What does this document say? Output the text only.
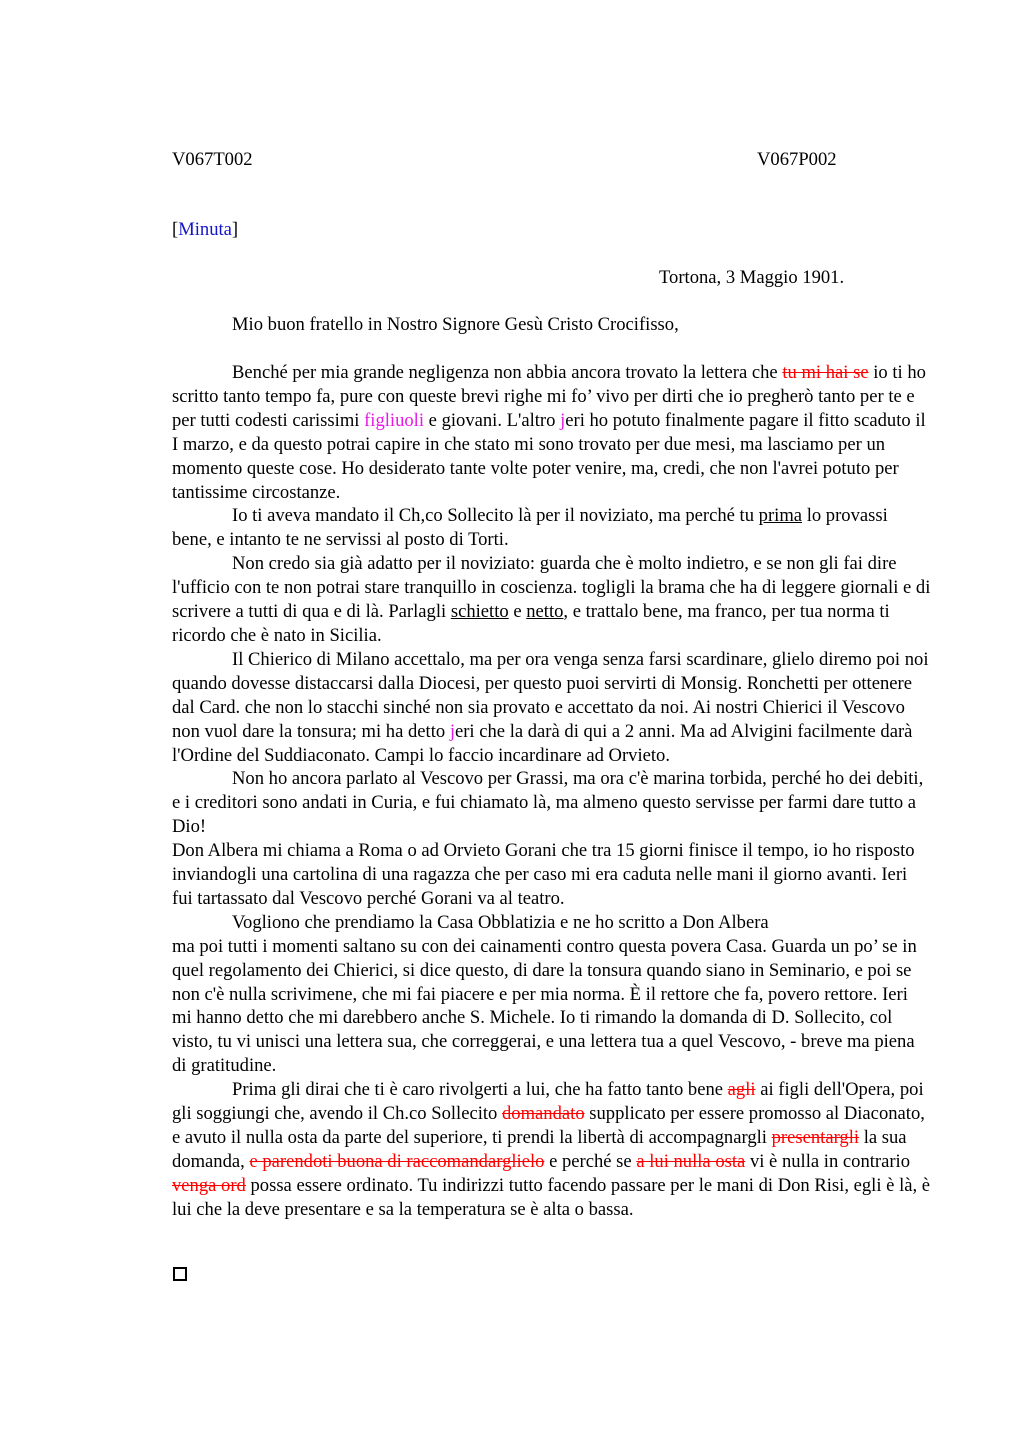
V067T002	V067P002
[Minuta]
Tortona, 3 Maggio 1901.
Mio buon fratello in Nostro Signore Gesù Cristo Crocifisso,

Benché per mia grande negligenza non abbia ancora trovato la lettera che tu mi hai se io ti ho scritto tanto tempo fa, pure con queste brevi righe mi fo’ vivo per dirti che io pregherò tanto per te e per tutti codesti carissimi figliuoli e giovani. L'altro jeri ho potuto finalmente pagare il fitto scaduto il I marzo, e da questo potrai capire in che stato mi sono trovato per due mesi, ma lasciamo per un momento queste cose. Ho desiderato tante volte poter venire, ma, credi, che non l'avrei potuto per tantissime circostanze.

Io ti aveva mandato il Ch,co Sollecito là per il noviziato, ma perché tu prima lo provassi bene, e intanto te ne servissi al posto di Torti.

Non credo sia già adatto per il noviziato: guarda che è molto indietro, e se non gli fai dire l'ufficio con te non potrai stare tranquillo in coscienza. togligli la brama che ha di leggere giornali e di scrivere a tutti di qua e di là. Parlagli schietto e netto, e trattalo bene, ma franco, per tua norma ti ricordo che è nato in Sicilia.

Il Chierico di Milano accettalo, ma per ora venga senza farsi scardinare, glielo diremo poi noi quando dovesse distaccarsi dalla Diocesi, per questo puoi servirti di Monsig. Ronchetti per ottenere dal Card. che non lo stacchi sinché non sia provato e accettato da noi. Ai nostri Chierici il Vescovo non vuol dare la tonsura; mi ha detto jeri che la darà di qui a 2 anni. Ma ad Alvigini facilmente darà l'Ordine del Suddiaconato. Campi lo faccio incardinare ad Orvieto.

Non ho ancora parlato al Vescovo per Grassi, ma ora c'è marina torbida, perché ho dei debiti, e i creditori sono andati in Curia, e fui chiamato là, ma almeno questo servisse per farmi dare tutto a Dio!

Don Albera mi chiama a Roma o ad Orvieto Gorani che tra 15 giorni finisce il tempo, io ho risposto inviandogli una cartolina di una ragazza che per caso mi era caduta nelle mani il giorno avanti. Ieri fui tartassato dal Vescovo perché Gorani va al teatro.

Vogliono che prendiamo la Casa Obblatizia e ne ho scritto a Don Albera

ma poi tutti i momenti saltano su con dei cainamenti contro questa povera Casa. Guarda un po’ se in quel regolamento dei Chierici, si dice questo, di dare la tonsura quando siano in Seminario, e poi se non c'è nulla scrivimene, che mi fai piacere e per mia norma. È il rettore che fa, povero rettore. Ieri mi hanno detto che mi darebbero anche S. Michele. Io ti rimando la domanda di D. Sollecito, col visto, tu vi unisci una lettera sua, che correggerai, e una lettera tua a quel Vescovo, - breve ma piena di gratitudine.

Prima gli dirai che ti è caro rivolgerti a lui, che ha fatto tanto bene agli ai figli dell'Opera, poi gli soggiungi che, avendo il Ch.co Sollecito domandato supplicato per essere promosso al Diaconato, e avuto il nulla osta da parte del superiore, ti prendi la libertà di accompagnargli presentargli la sua domanda, e parendoti buona di raccomandarglielo e perché se a lui nulla osta vi è nulla in contrario venga ord possa essere ordinato. Tu indirizzi tutto facendo passare per le mani di Don Risi, egli è là, è lui che la deve presentare e sa la temperatura se è alta o bassa.
